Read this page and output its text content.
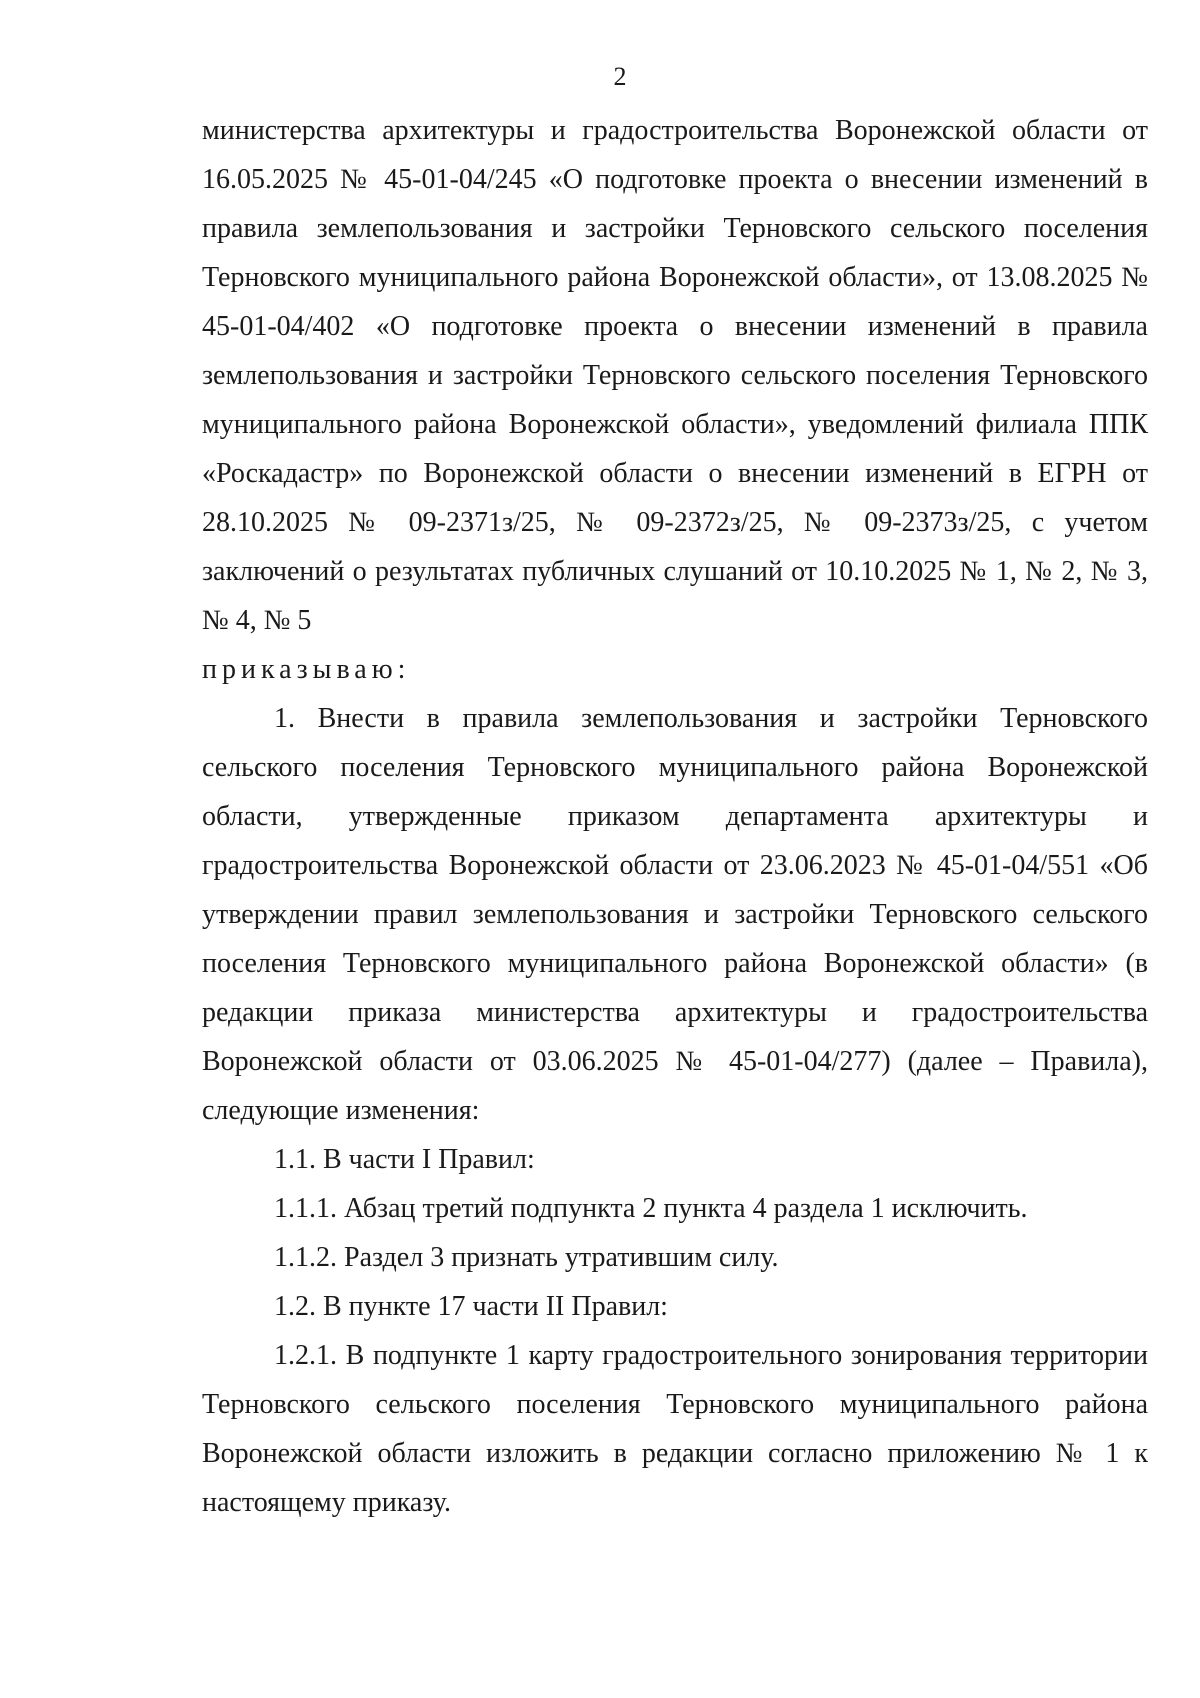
2

министерства архитектуры и градостроительства Воронежской области от 16.05.2025 № 45-01-04/245 «О подготовке проекта о внесении изменений в правила землепользования и застройки Терновского сельского поселения Терновского муниципального района Воронежской области», от 13.08.2025 № 45-01-04/402 «О подготовке проекта о внесении изменений в правила землепользования и застройки Терновского сельского поселения Терновского муниципального района Воронежской области», уведомлений филиала ППК «Роскадастр» по Воронежской области о внесении изменений в ЕГРН от 28.10.2025 № 09-2371з/25, № 09-2372з/25, № 09-2373з/25, с учетом заключений о результатах публичных слушаний от 10.10.2025 № 1, № 2, № 3, № 4, № 5

приказываю:

1. Внести в правила землепользования и застройки Терновского сельского поселения Терновского муниципального района Воронежской области, утвержденные приказом департамента архитектуры и градостроительства Воронежской области от 23.06.2023 № 45-01-04/551 «Об утверждении правил землепользования и застройки Терновского сельского поселения Терновского муниципального района Воронежской области» (в редакции приказа министерства архитектуры и градостроительства Воронежской области от 03.06.2025 № 45-01-04/277) (далее – Правила), следующие изменения:

1.1. В части I Правил:

1.1.1. Абзац третий подпункта 2 пункта 4 раздела 1 исключить.

1.1.2. Раздел 3 признать утратившим силу.

1.2. В пункте 17 части II Правил:

1.2.1. В подпункте 1 карту градостроительного зонирования территории Терновского сельского поселения Терновского муниципального района Воронежской области изложить в редакции согласно приложению № 1 к настоящему приказу.
